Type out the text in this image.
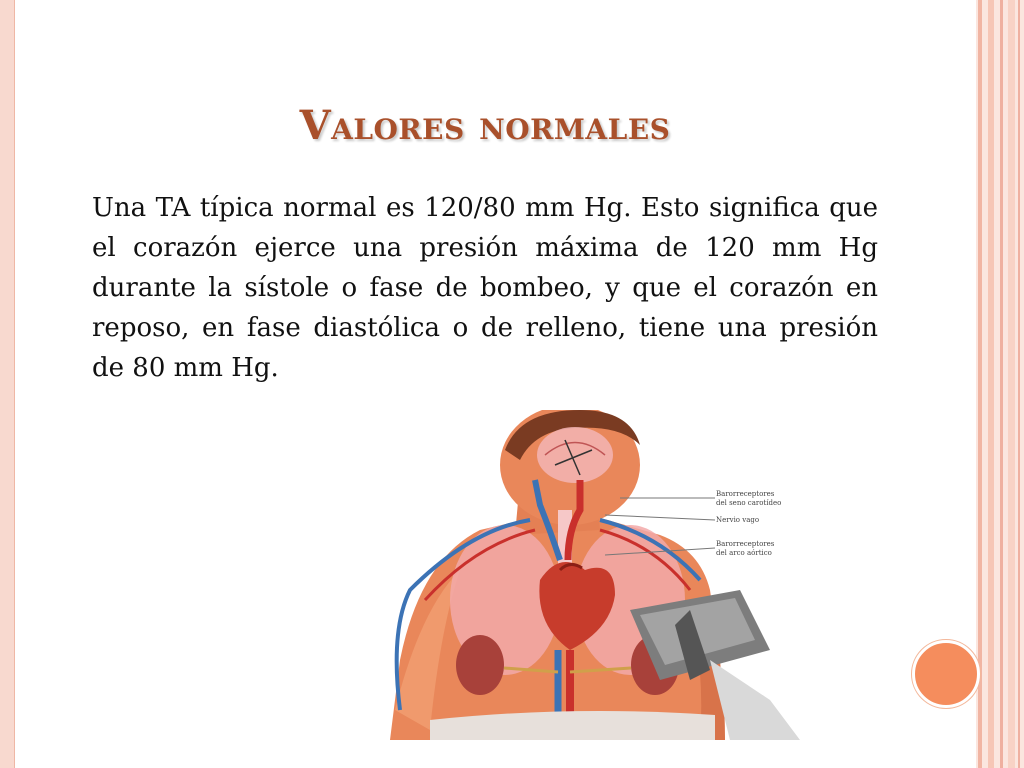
Valores normales

Una TA típica normal es 120/80 mm Hg. Esto significa que el corazón ejerce una presión máxima de 120 mm Hg durante la sístole o fase de bombeo, y que el corazón en reposo, en fase diastólica o de relleno, tiene una presión de 80 mm Hg.

Barorreceptores
del seno carotídeo
Nervio vago
Barorreceptores
del arco aórtico
